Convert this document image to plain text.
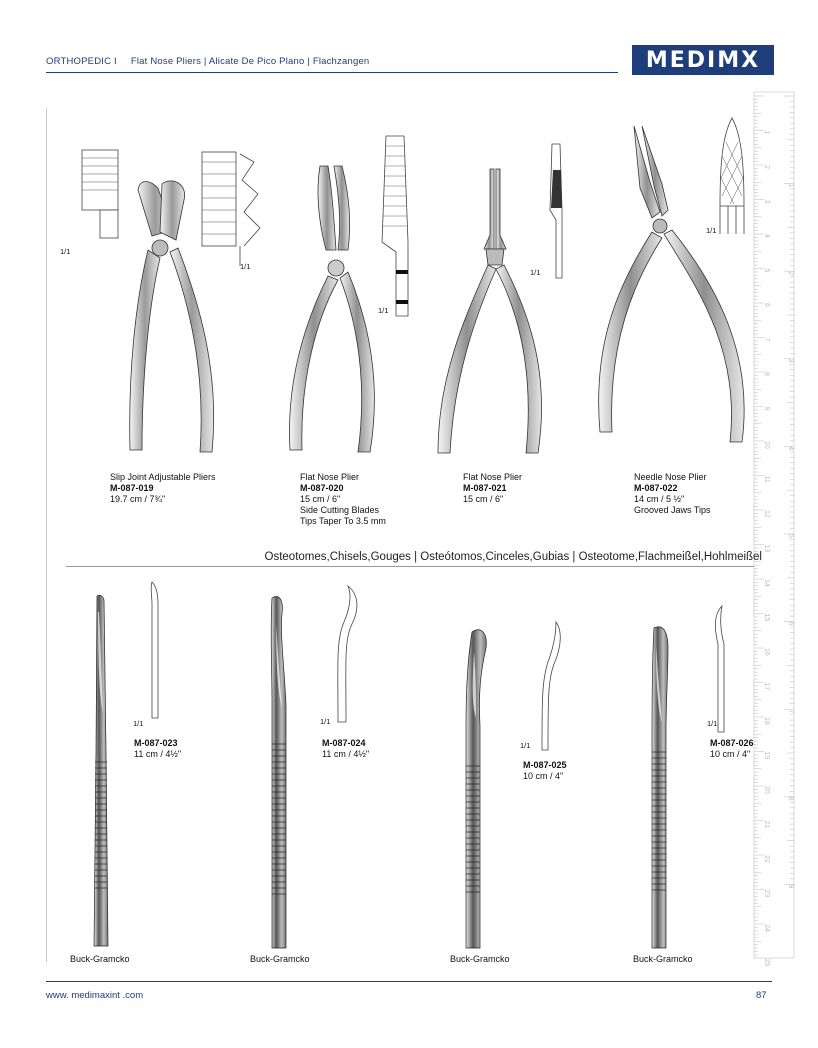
ORTHOPEDIC I Flat Nose Pliers | Alicate De Pico Plano | Flachzangen	MEDIMX
1
2
3
4
5
6
7
8
9
10
11
12
13
14
15
16
17
18
19
20
21
22
23
24
25
1
2
3
4
5
6
7
8
9
1/1
1/1
1/1
1/1
1/1
Slip Joint Adjustable Pliers
M-087-019
19.7 cm / 7¾"
Flat Nose Plier
M-087-020
15 cm / 6"
Side Cutting Blades
Tips Taper To 3.5 mm
Flat Nose Plier
M-087-021
15 cm / 6"
Needle Nose Plier
M-087-022
14 cm / 5 ½"
Grooved Jaws Tips
Osteotomes,Chisels,Gouges | Osteótomos,Cinceles,Gubias | Osteotome,Flachmeißel,Hohlmeißel
1/1	1/1
1/1
1/1
M-087-023
11 cm / 4½"
M-087-024
11 cm / 4½"
M-087-025
10 cm / 4"
M-087-026
10 cm / 4"
Buck-Gramcko	Buck-Gramcko	Buck-Gramcko	Buck-Gramcko
www. medimaxint .com	87
